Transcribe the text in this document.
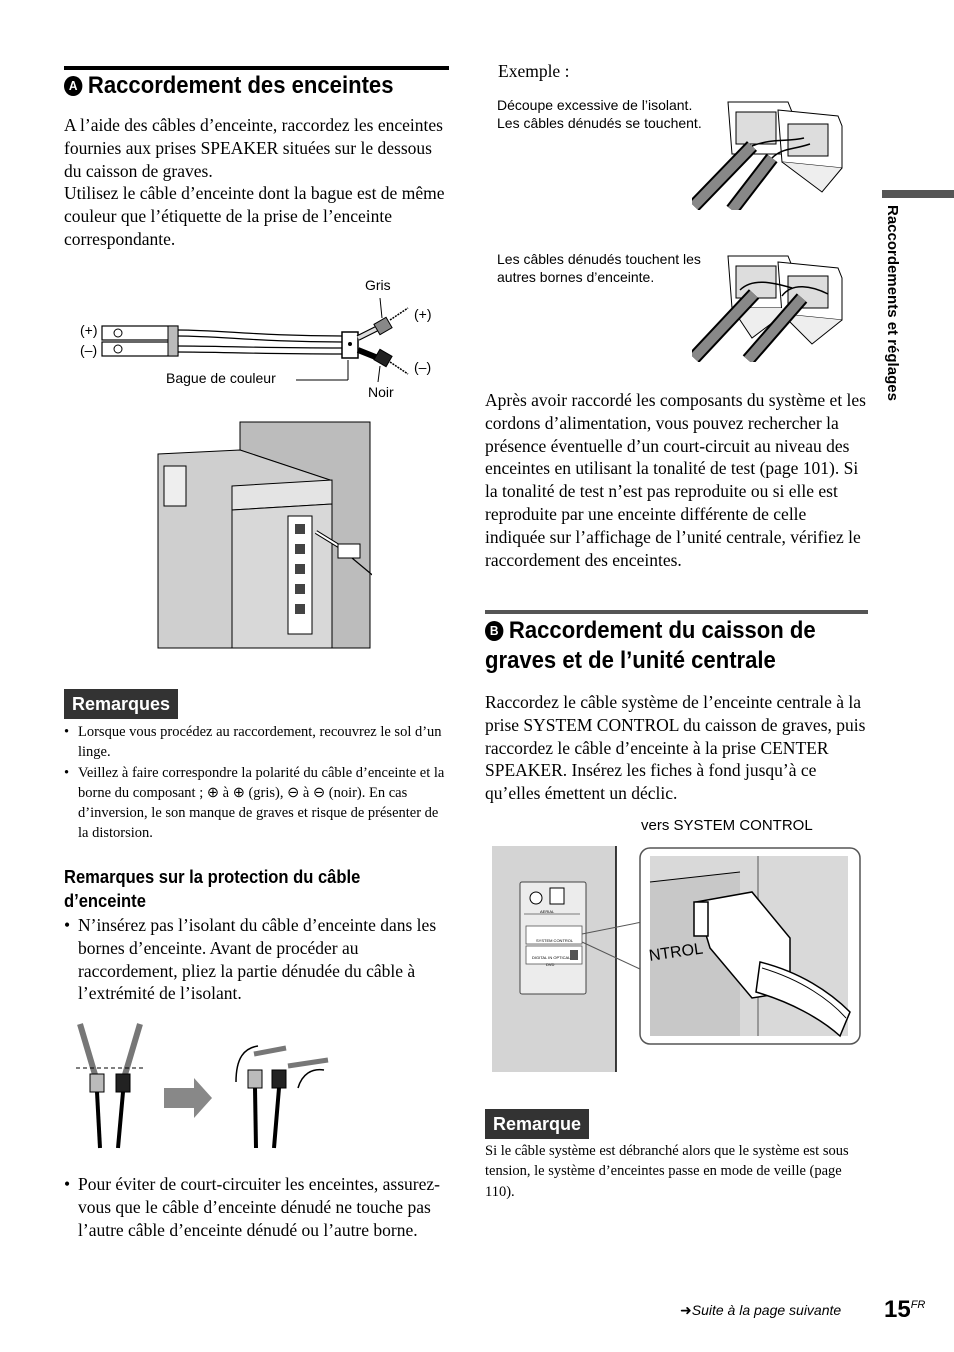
Raccordements et réglages
A Raccordement des enceintes
A l’aide des câbles d’enceinte, raccordez les enceintes fournies aux prises SPEAKER situées sur le dessous du caisson de graves.
Utilisez le câble d’enceinte dont la bague est de même couleur que l’étiquette de la prise de l’enceinte correspondante.
(+)
(–)
Gris
(+)
(–)
Noir
Bague de couleur
Remarques
• Lorsque vous procédez au raccordement, recouvrez le sol d’un linge.
• Veillez à faire correspondre la polarité du câble d’enceinte et la borne du composant ; ⊕ à ⊕ (gris), ⊖ à ⊖ (noir). En cas d’inversion, le son manque de graves et risque de présenter de la distorsion.
Remarques sur la protection du câble d’enceinte
• N’insérez pas l’isolant du câble d’enceinte dans les bornes d’enceinte. Avant de procéder au raccordement, pliez la partie dénudée du câble à l’extrémité de l’isolant.
• Pour éviter de court-circuiter les enceintes, assurez-vous que le câble d’enceinte dénudé ne touche pas l’autre câble d’enceinte dénudé ou l’autre borne.
Exemple :
Découpe excessive de l’isolant. Les câbles dénudés se touchent.
Les câbles dénudés touchent les autres bornes d’enceinte.
Après avoir raccordé les composants du système et les cordons d’alimentation, vous pouvez rechercher la présence éventuelle d’un court-circuit au niveau des enceintes en utilisant la tonalité de test (page 101). Si la tonalité de test n’est pas reproduite ou si elle est reproduite par une enceinte différente de celle indiquée sur l’affichage de l’unité centrale, vérifiez le raccordement des enceintes.
B Raccordement du caisson de graves et de l’unité centrale
Raccordez le câble système de l’enceinte centrale à la prise SYSTEM CONTROL du caisson de graves, puis raccordez le câble d’enceinte à la prise CENTER SPEAKER. Insérez les fiches à fond jusqu’à ce qu’elles émettent un déclic.
vers SYSTEM CONTROL
NTROL
AERIAL
SYSTEM CONTROL
DIGITAL IN OPTICAL
DVD
Remarque
Si le câble système est débranché alors que le système est sous tension, le système d’enceintes passe en mode de veille (page 110).
➜Suite à la page suivante $15^{FR}$
